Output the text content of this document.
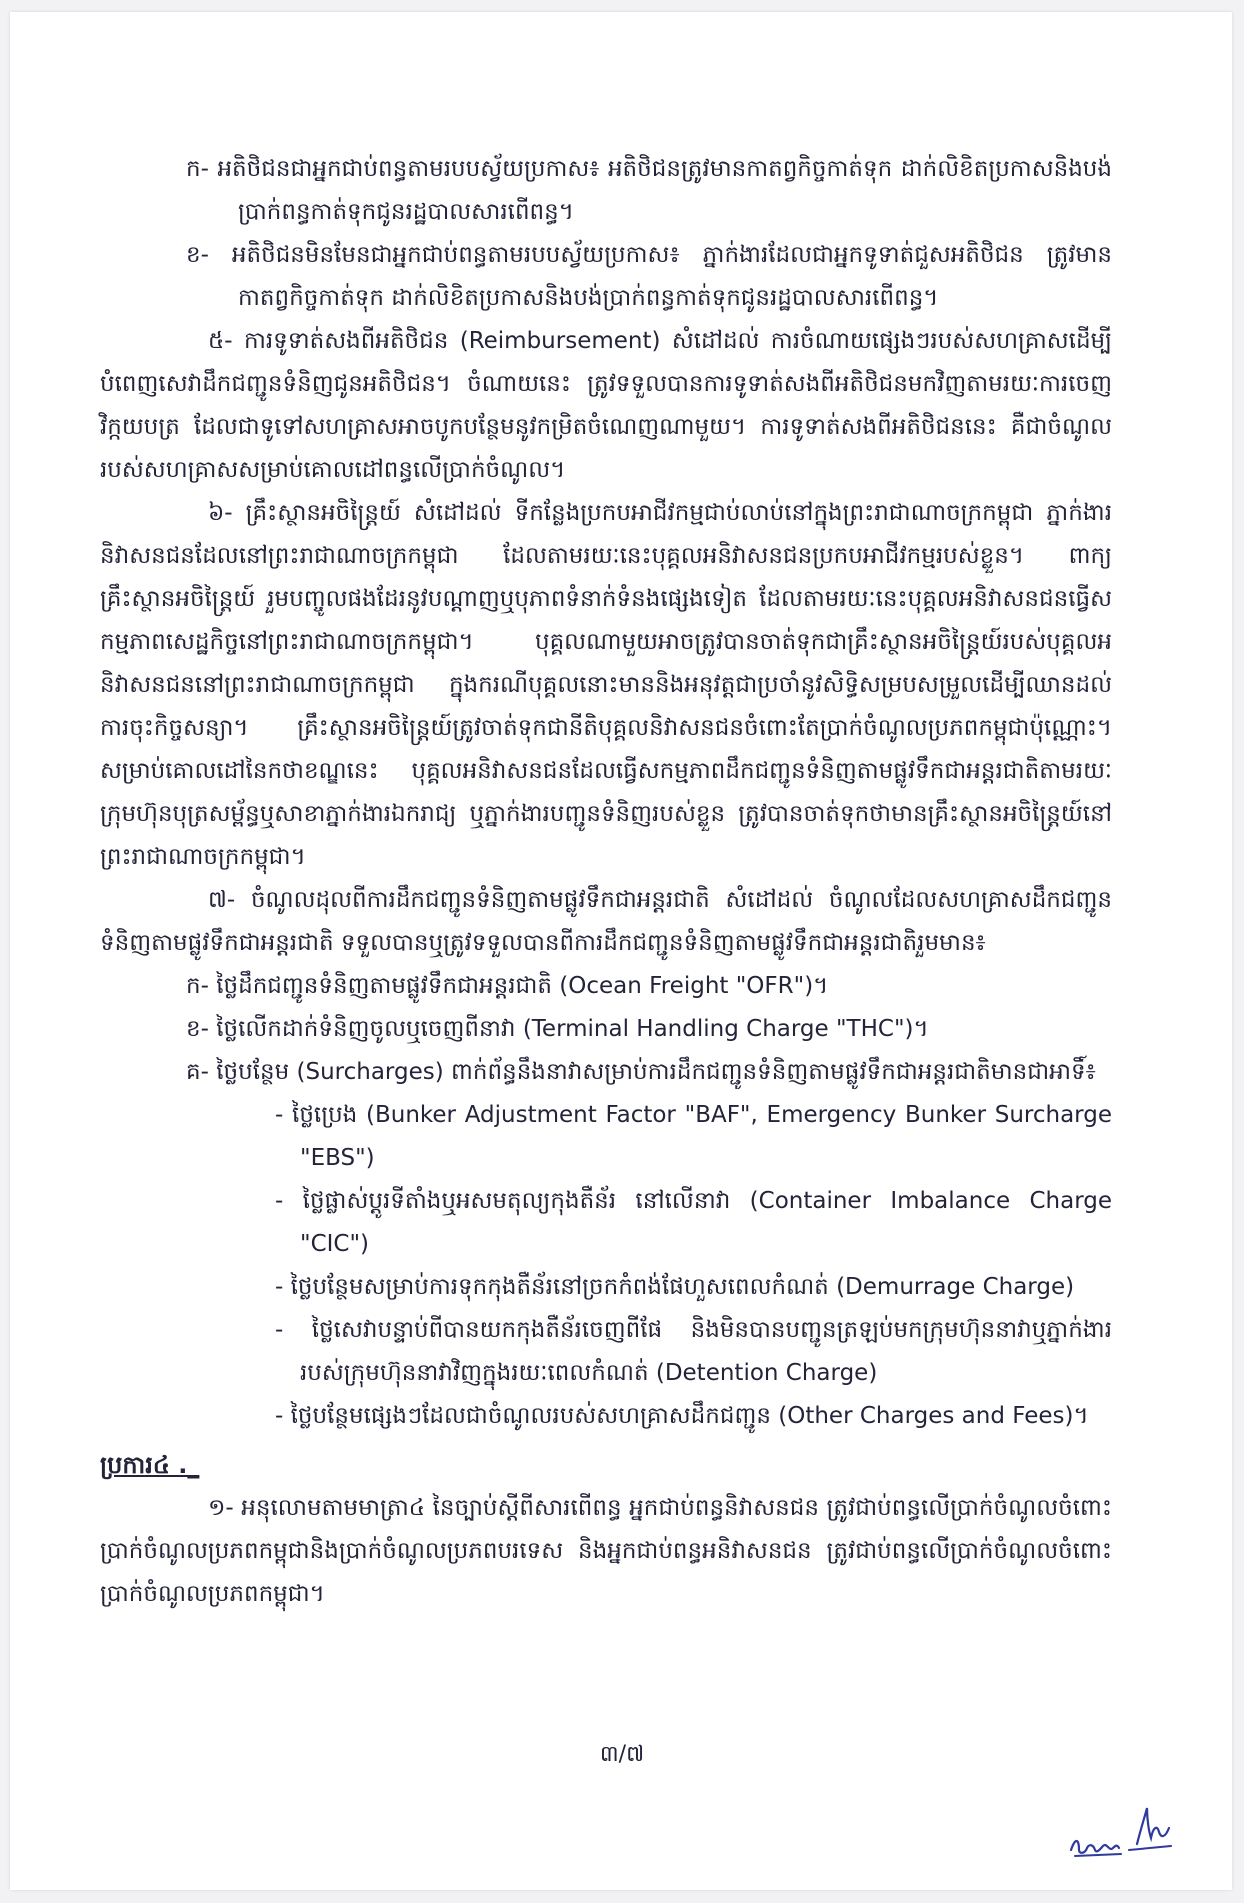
ក- អតិថិជនជាអ្នកជាប់ពន្ធតាមរបបស្វ័យប្រកាស៖ អតិថិជនត្រូវមានកាតព្វកិច្ចកាត់ទុក ដាក់លិខិតប្រកាសនិងបង់ប្រាក់ពន្ធកាត់ទុកជូនរដ្ឋបាលសារពើពន្ធ។

ខ- អតិថិជនមិនមែនជាអ្នកជាប់ពន្ធតាមរបបស្វ័យប្រកាស៖ ភ្នាក់ងារដែលជាអ្នកទូទាត់ជួសអតិថិជន ត្រូវមានកាតព្វកិច្ចកាត់ទុក ដាក់លិខិតប្រកាសនិងបង់ប្រាក់ពន្ធកាត់ទុកជូនរដ្ឋបាលសារពើពន្ធ។

៥- ការទូទាត់សងពីអតិថិជន (Reimbursement) សំដៅដល់ ការចំណាយផ្សេងៗរបស់សហគ្រាសដើម្បីបំពេញសេវាដឹកជញ្ជូនទំនិញជូនអតិថិជន។ ចំណាយនេះ ត្រូវទទួលបានការទូទាត់សងពីអតិថិជនមកវិញតាមរយៈការចេញវិក្កយបត្រ ដែលជាទូទៅសហគ្រាសអាចបូកបន្ថែមនូវកម្រិតចំណេញណាមួយ។ ការទូទាត់សងពីអតិថិជននេះ គឺជាចំណូលរបស់សហគ្រាសសម្រាប់គោលដៅពន្ធលើប្រាក់ចំណូល។

៦- គ្រឹះស្ថានអចិន្ត្រៃយ៍ សំដៅដល់ ទីកន្លែងប្រកបអាជីវកម្មជាប់លាប់នៅក្នុងព្រះរាជាណាចក្រកម្ពុជា ភ្នាក់ងារនិវាសនជនដែលនៅព្រះរាជាណាចក្រកម្ពុជា ដែលតាមរយៈនេះបុគ្គលអនិវាសនជនប្រកបអាជីវកម្មរបស់ខ្លួន។ ពាក្យ គ្រឹះស្ថានអចិន្ត្រៃយ៍ រួមបញ្ចូលផងដែរនូវបណ្តាញឬបុភាពទំនាក់ទំនងផ្សេងទៀត ដែលតាមរយៈនេះបុគ្គលអនិវាសនជនធ្វើសកម្មភាពសេដ្ឋកិច្ចនៅព្រះរាជាណាចក្រកម្ពុជា។ បុគ្គលណាមួយអាចត្រូវបានចាត់ទុកជាគ្រឹះស្ថានអចិន្ត្រៃយ៍របស់បុគ្គលអនិវាសនជននៅព្រះរាជាណាចក្រកម្ពុជា ក្នុងករណីបុគ្គលនោះមាននិងអនុវត្តជាប្រចាំនូវសិទ្ធិសម្របសម្រួលដើម្បីឈានដល់ការចុះកិច្ចសន្យា។ គ្រឹះស្ថានអចិន្ត្រៃយ៍ត្រូវចាត់ទុកជានីតិបុគ្គលនិវាសនជនចំពោះតែប្រាក់ចំណូលប្រភពកម្ពុជាប៉ុណ្ណោះ។ សម្រាប់គោលដៅនៃកថាខណ្ឌនេះ បុគ្គលអនិវាសនជនដែលធ្វើសកម្មភាពដឹកជញ្ជូនទំនិញតាមផ្លូវទឹកជាអន្តរជាតិតាមរយៈក្រុមហ៊ុនបុត្រសម្ព័ន្ធឬសាខាភ្នាក់ងារឯករាជ្យ ឬភ្នាក់ងារបញ្ជូនទំនិញរបស់ខ្លួន ត្រូវបានចាត់ទុកថាមានគ្រឹះស្ថានអចិន្ត្រៃយ៍នៅព្រះរាជាណាចក្រកម្ពុជា។

៧- ចំណូលដុលពីការដឹកជញ្ជូនទំនិញតាមផ្លូវទឹកជាអន្តរជាតិ សំដៅដល់ ចំណូលដែលសហគ្រាសដឹកជញ្ជូនទំនិញតាមផ្លូវទឹកជាអន្តរជាតិ ទទួលបានឬត្រូវទទួលបានពីការដឹកជញ្ជូនទំនិញតាមផ្លូវទឹកជាអន្តរជាតិរួមមាន៖

ក- ថ្លៃដឹកជញ្ជូនទំនិញតាមផ្លូវទឹកជាអន្តរជាតិ (Ocean Freight "OFR")។

ខ- ថ្លៃលើកដាក់ទំនិញចូលឬចេញពីនាវា (Terminal Handling Charge "THC")។

គ- ថ្លៃបន្ថែម (Surcharges) ពាក់ព័ន្ធនឹងនាវាសម្រាប់ការដឹកជញ្ជូនទំនិញតាមផ្លូវទឹកជាអន្តរជាតិមានជាអាទិ៍៖

- ថ្លៃប្រេង (Bunker Adjustment Factor "BAF", Emergency Bunker Surcharge "EBS")

- ថ្លៃផ្លាស់ប្តូរទីតាំងឬអសមតុល្យកុងតឺន័រ នៅលើនាវា (Container Imbalance Charge "CIC")

- ថ្លៃបន្ថែមសម្រាប់ការទុកកុងតឺន័រនៅច្រកកំពង់ផែហួសពេលកំណត់ (Demurrage Charge)

- ថ្លៃសេវាបន្ទាប់ពីបានយកកុងតឺន័រចេញពីផែ និងមិនបានបញ្ជូនត្រឡប់មកក្រុមហ៊ុននាវាឬភ្នាក់ងាររបស់ក្រុមហ៊ុននាវាវិញក្នុងរយៈពេលកំណត់ (Detention Charge)

- ថ្លៃបន្ថែមផ្សេងៗដែលជាចំណូលរបស់សហគ្រាសដឹកជញ្ជូន (Other Charges and Fees)។

ប្រការ៤ ._

១- អនុលោមតាមមាត្រា៤ នៃច្បាប់ស្តីពីសារពើពន្ធ អ្នកជាប់ពន្ធនិវាសនជន ត្រូវជាប់ពន្ធលើប្រាក់ចំណូលចំពោះប្រាក់ចំណូលប្រភពកម្ពុជានិងប្រាក់ចំណូលប្រភពបរទេស និងអ្នកជាប់ពន្ធអនិវាសនជន ត្រូវជាប់ពន្ធលើប្រាក់ចំណូលចំពោះប្រាក់ចំណូលប្រភពកម្ពុជា។

៣/៧
